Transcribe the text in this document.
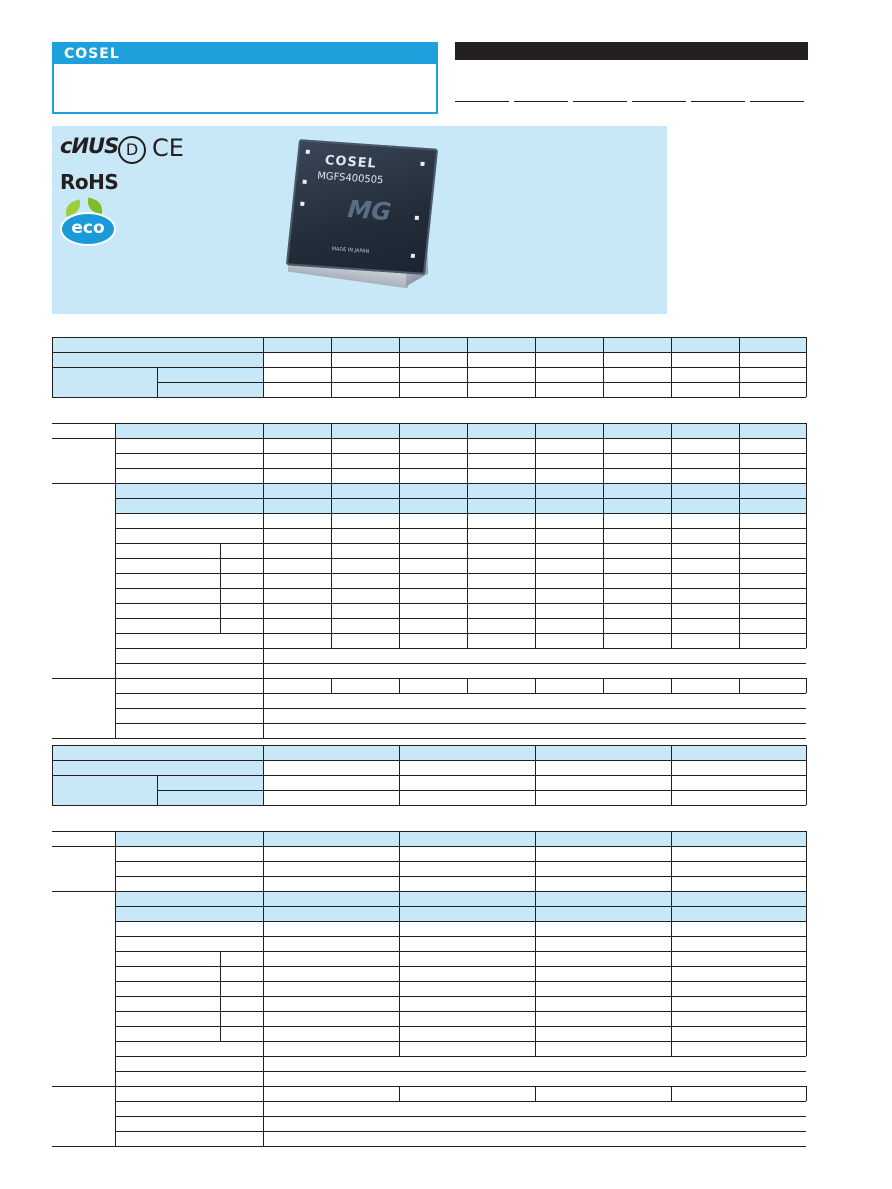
COSEL
cИUS D CE
RoHS
eco
COSEL
MGFS400505
MG
MADE IN JAPAN
